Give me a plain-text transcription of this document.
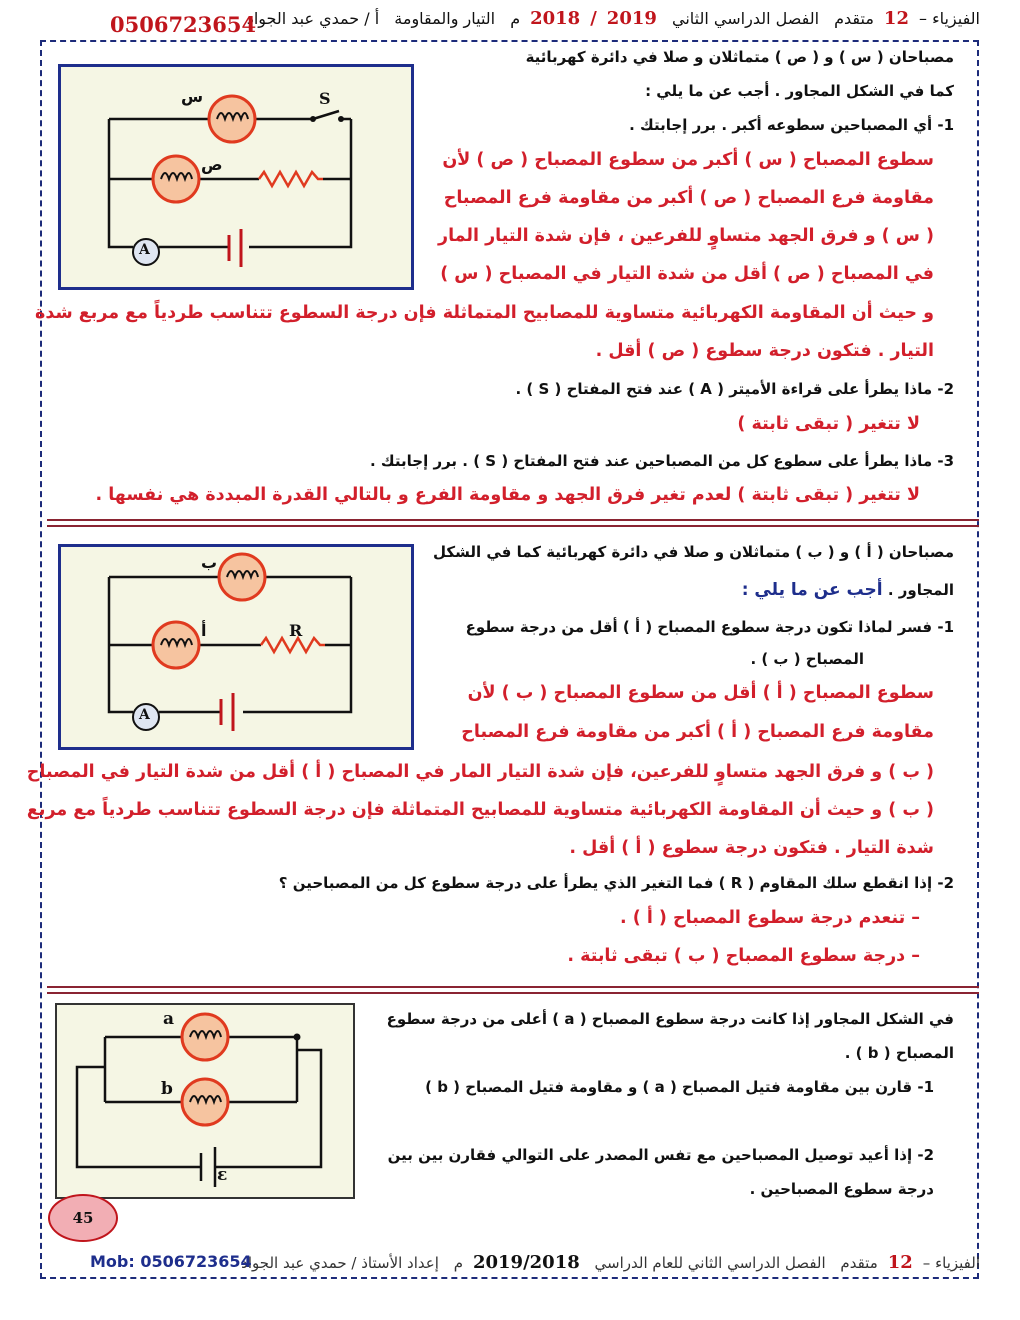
الفيزياء –12متقدم الفصل الدراسي الثاني 2018 / 2019م التيار والمقاومة أ / حمدي عبد الجواد
0506723654
س
ص
S
A
مصباحان ( س ) و ( ص ) متماثلان و صلا في دائرة كهربائية
كما في الشكل المجاور . أجب عن ما يلي :
1- أي المصباحين سطوعه أكبر . برر إجابتك .
سطوع المصباح ( س ) أكبر من سطوع المصباح ( ص ) لأن
مقاومة فرع المصباح ( ص ) أكبر من مقاومة فرع المصباح
( س ) و فرق الجهد متساوٍ للفرعين ، فإن شدة التيار المار
في المصباح ( ص ) أقل من شدة التيار في المصباح ( س )
و حيث أن المقاومة الكهربائية متساوية للمصابيح المتماثلة فإن درجة السطوع تتناسب طردياً مع مربع شدة
التيار . فتكون درجة سطوع ( ص ) أقل .
2- ماذا يطرأ على قراءة الأميتر ( A ) عند فتح المفتاح ( S ) .
لا تتغير ( تبقى ثابتة )
3- ماذا يطرأ على سطوع كل من المصباحين عند فتح المفتاح ( S ) . برر إجابتك .
لا تتغير ( تبقى ثابتة ) لعدم تغير فرق الجهد و مقاومة الفرع و بالتالي القدرة المبددة هي نفسها .
ب
أ	R
A
مصباحان ( أ ) و ( ب ) متماثلان و صلا في دائرة كهربائية كما في الشكل
المجاور . أجب عن ما يلي :
1- فسر لماذا تكون درجة سطوع المصباح ( أ ) أقل من درجة سطوع
المصباح ( ب ) .
سطوع المصباح ( أ ) أقل من سطوع المصباح ( ب ) لأن
مقاومة فرع المصباح ( أ ) أكبر من مقاومة فرع المصباح
( ب ) و فرق الجهد متساوٍ للفرعين، فإن شدة التيار المار في المصباح ( أ ) أقل من شدة التيار في المصباح
( ب ) و حيث أن المقاومة الكهربائية متساوية للمصابيح المتماثلة فإن درجة السطوع تتناسب طردياً مع مربع
شدة التيار . فتكون درجة سطوع ( أ ) أقل .
2- إذا انقطع سلك المقاوم ( R ) فما التغير الذي يطرأ على درجة سطوع كل من المصباحين ؟
– تنعدم درجة سطوع المصباح ( أ ) .
– درجة سطوع المصباح ( ب ) تبقى ثابتة .
a
b
ε
في الشكل المجاور إذا كانت درجة سطوع المصباح ( a ) أعلى من درجة سطوع
المصباح ( b ) .
1- قارن بين مقاومة فتيل المصباح ( a ) و مقاومة فتيل المصباح ( b )
2- إذا أعيد توصيل المصباحين مع تفس المصدر على التوالي فقارن بين بين
درجة سطوع المصباحين .
45
الفيزياء –12متقدم الفصل الدراسي الثاني للعام الدراسي 2019/2018م إعداد الأستاذ / حمدي عبد الجواد
Mob: 0506723654
